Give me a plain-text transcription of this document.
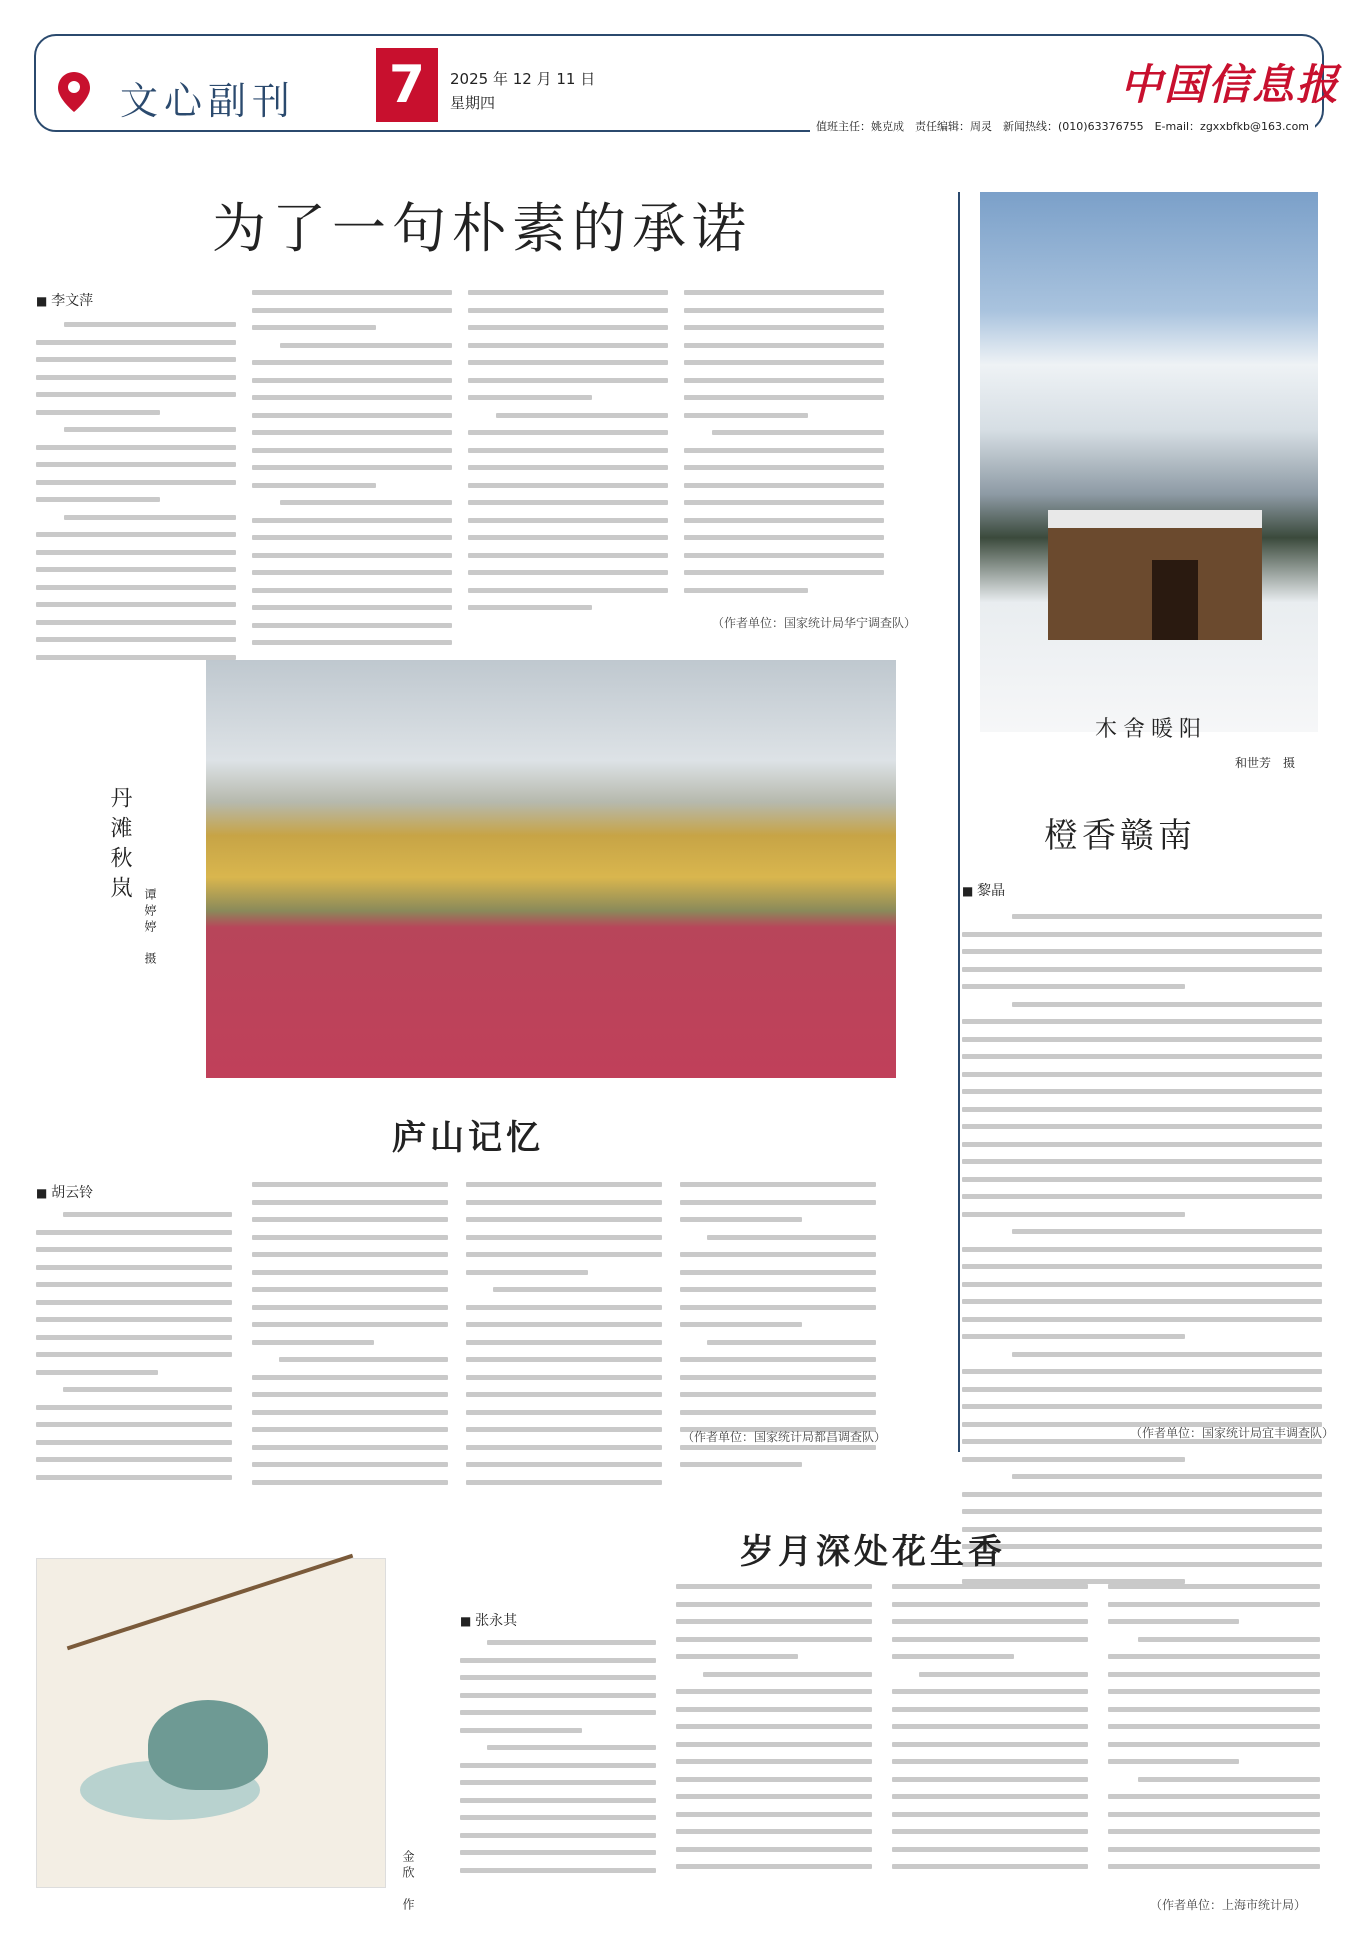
文心副刊 7	2025 年 12 月 11 日
星期四	中国信息报
值班主任：姚克成　责任编辑：周灵　新闻热线：(010)63376755　E-mail：zgxxbfkb@163.com
为了一句朴素的承诺
■ 李文萍
（作者单位：国家统计局华宁调查队）
木舍暖阳
和世芳　摄
橙香赣南
■ 黎晶
（作者单位：国家统计局宜丰调查队）
丹滩秋岚
谭婷婷　摄
庐山记忆
■ 胡云铃
（作者单位：国家统计局都昌调查队）
金欣　作
岁月深处花生香
■ 张永其
（作者单位：上海市统计局）
